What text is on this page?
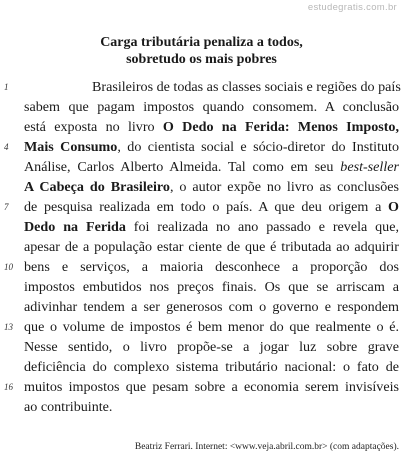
estudegratis.com.br
Carga tributária penaliza a todos,
sobretudo os mais pobres
1	Brasileiros de todas as classes sociais e regiões do país
sabem que pagam impostos quando consomem. A conclusão
está exposta no livro O Dedo na Ferida: Menos Imposto,
4 Mais Consumo, do cientista social e sócio-diretor do Instituto
Análise, Carlos Alberto Almeida. Tal como em seu best-seller
A Cabeça do Brasileiro, o autor expõe no livro as conclusões
7 de pesquisa realizada em todo o país. A que deu origem a O
Dedo na Ferida foi realizada no ano passado e revela que,
apesar de a população estar ciente de que é tributada ao adquirir
10 bens e serviços, a maioria desconhece a proporção dos
impostos embutidos nos preços finais. Os que se arriscam a
adivinhar tendem a ser generosos com o governo e respondem
13 que o volume de impostos é bem menor do que realmente o é.
Nesse sentido, o livro propõe-se a jogar luz sobre grave
deficiência do complexo sistema tributário nacional: o fato de
16 muitos impostos que pesam sobre a economia serem invisíveis
ao contribuinte.
Beatriz Ferrari. Internet: <www.veja.abril.com.br> (com adaptações).
